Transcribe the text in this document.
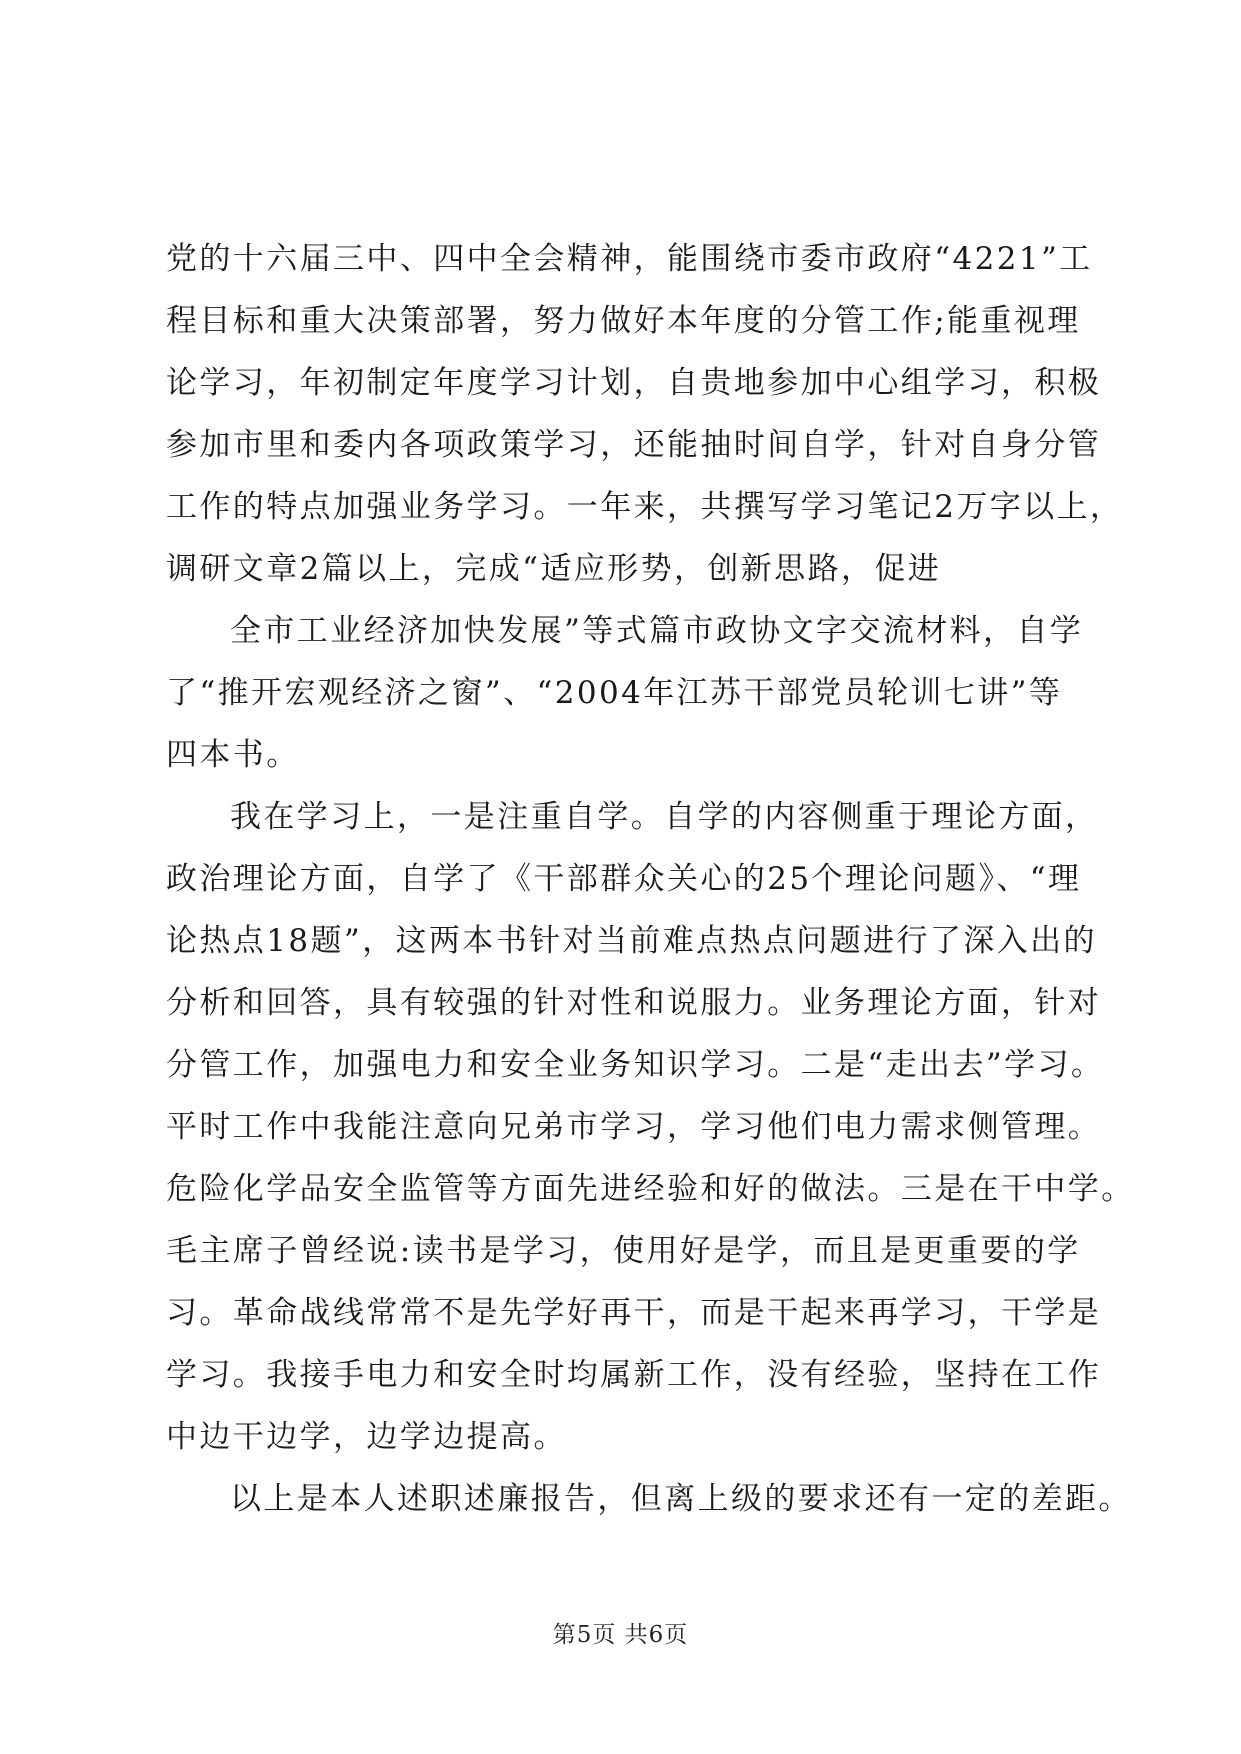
党的十六届三中、四中全会精神，能围绕市委市政府“4221”工
程目标和重大决策部署，努力做好本年度的分管工作;能重视理
论学习，年初制定年度学习计划，自贵地参加中心组学习，积极
参加市里和委内各项政策学习，还能抽时间自学，针对自身分管
工作的特点加强业务学习。一年来，共撰写学习笔记2万字以上，
调研文章2篇以上，完成“适应形势，创新思路，促进
全市工业经济加快发展”等式篇市政协文字交流材料，自学
了“推开宏观经济之窗”、“2004年江苏干部党员轮训七讲”等
四本书。
我在学习上，一是注重自学。自学的内容侧重于理论方面，
政治理论方面，自学了《干部群众关心的25个理论问题》、“理
论热点18题”，这两本书针对当前难点热点问题进行了深入出的
分析和回答，具有较强的针对性和说服力。业务理论方面，针对
分管工作，加强电力和安全业务知识学习。二是“走出去”学习。
平时工作中我能注意向兄弟市学习，学习他们电力需求侧管理。
危险化学品安全监管等方面先进经验和好的做法。三是在干中学。
毛主席子曾经说:读书是学习，使用好是学，而且是更重要的学
习。革命战线常常不是先学好再干，而是干起来再学习，干学是
学习。我接手电力和安全时均属新工作，没有经验，坚持在工作
中边干边学，边学边提高。
以上是本人述职述廉报告，但离上级的要求还有一定的差距。
第5页 共6页
